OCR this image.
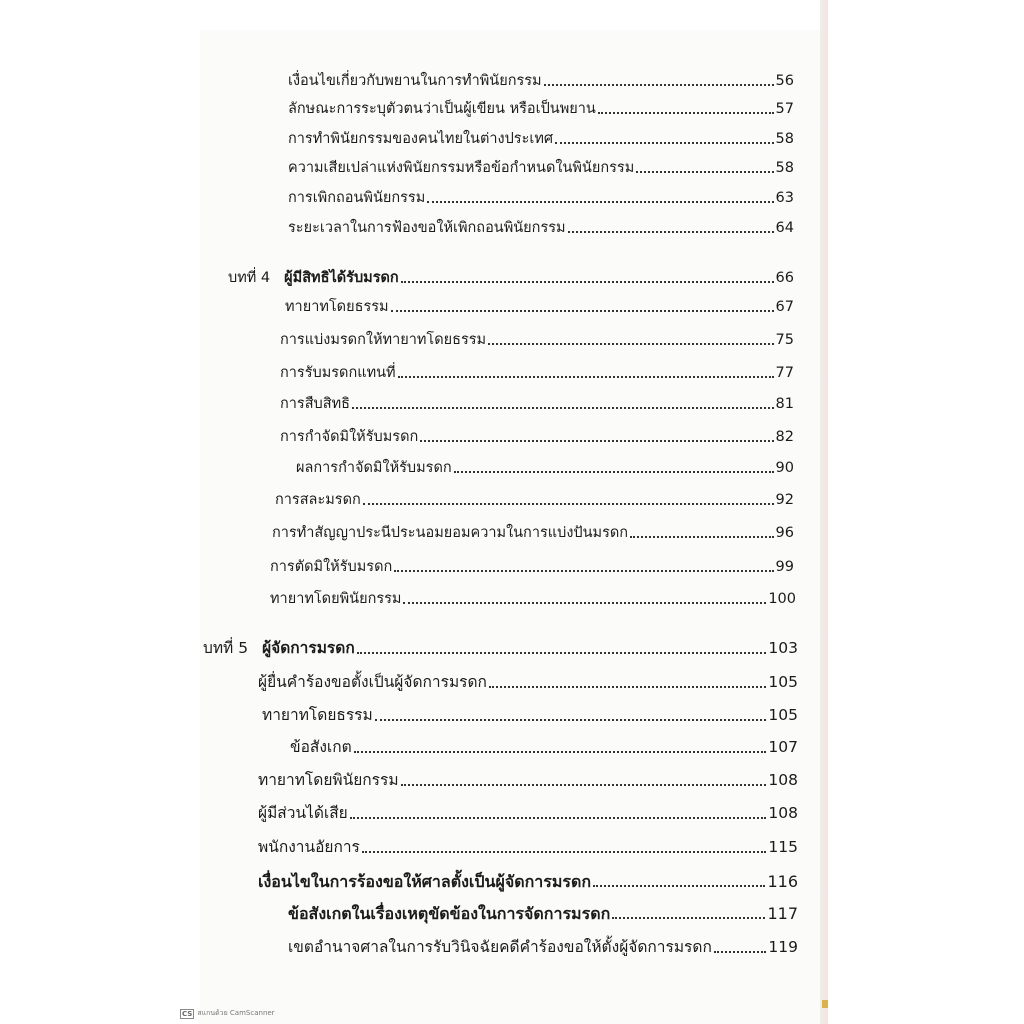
เงื่อนไขเกี่ยวกับพยานในการทำพินัยกรรม	56
ลักษณะการระบุตัวตนว่าเป็นผู้เขียน หรือเป็นพยาน	57
การทำพินัยกรรมของคนไทยในต่างประเทศ	58
ความเสียเปล่าแห่งพินัยกรรมหรือข้อกำหนดในพินัยกรรม	58
การเพิกถอนพินัยกรรม	63
ระยะเวลาในการฟ้องขอให้เพิกถอนพินัยกรรม	64
บทที่ 4 ผู้มีสิทธิได้รับมรดก	66
ทายาทโดยธรรม	67
การแบ่งมรดกให้ทายาทโดยธรรม	75
การรับมรดกแทนที่	77
การสืบสิทธิ	81
การกำจัดมิให้รับมรดก	82
ผลการกำจัดมิให้รับมรดก	90
การสละมรดก	92
การทำสัญญาประนีประนอมยอมความในการแบ่งปันมรดก	96
การตัดมิให้รับมรดก	99
ทายาทโดยพินัยกรรม	100
บทที่ 5 ผู้จัดการมรดก	103
ผู้ยื่นคำร้องขอตั้งเป็นผู้จัดการมรดก	105
ทายาทโดยธรรม	105
ข้อสังเกต	107
ทายาทโดยพินัยกรรม	108
ผู้มีส่วนได้เสีย	108
พนักงานอัยการ	115
เงื่อนไขในการร้องขอให้ศาลตั้งเป็นผู้จัดการมรดก	116
ข้อสังเกตในเรื่องเหตุขัดข้องในการจัดการมรดก	117
เขตอำนาจศาลในการรับวินิจฉัยคดีคำร้องขอให้ตั้งผู้จัดการมรดก	119
CS สแกนด้วย CamScanner
